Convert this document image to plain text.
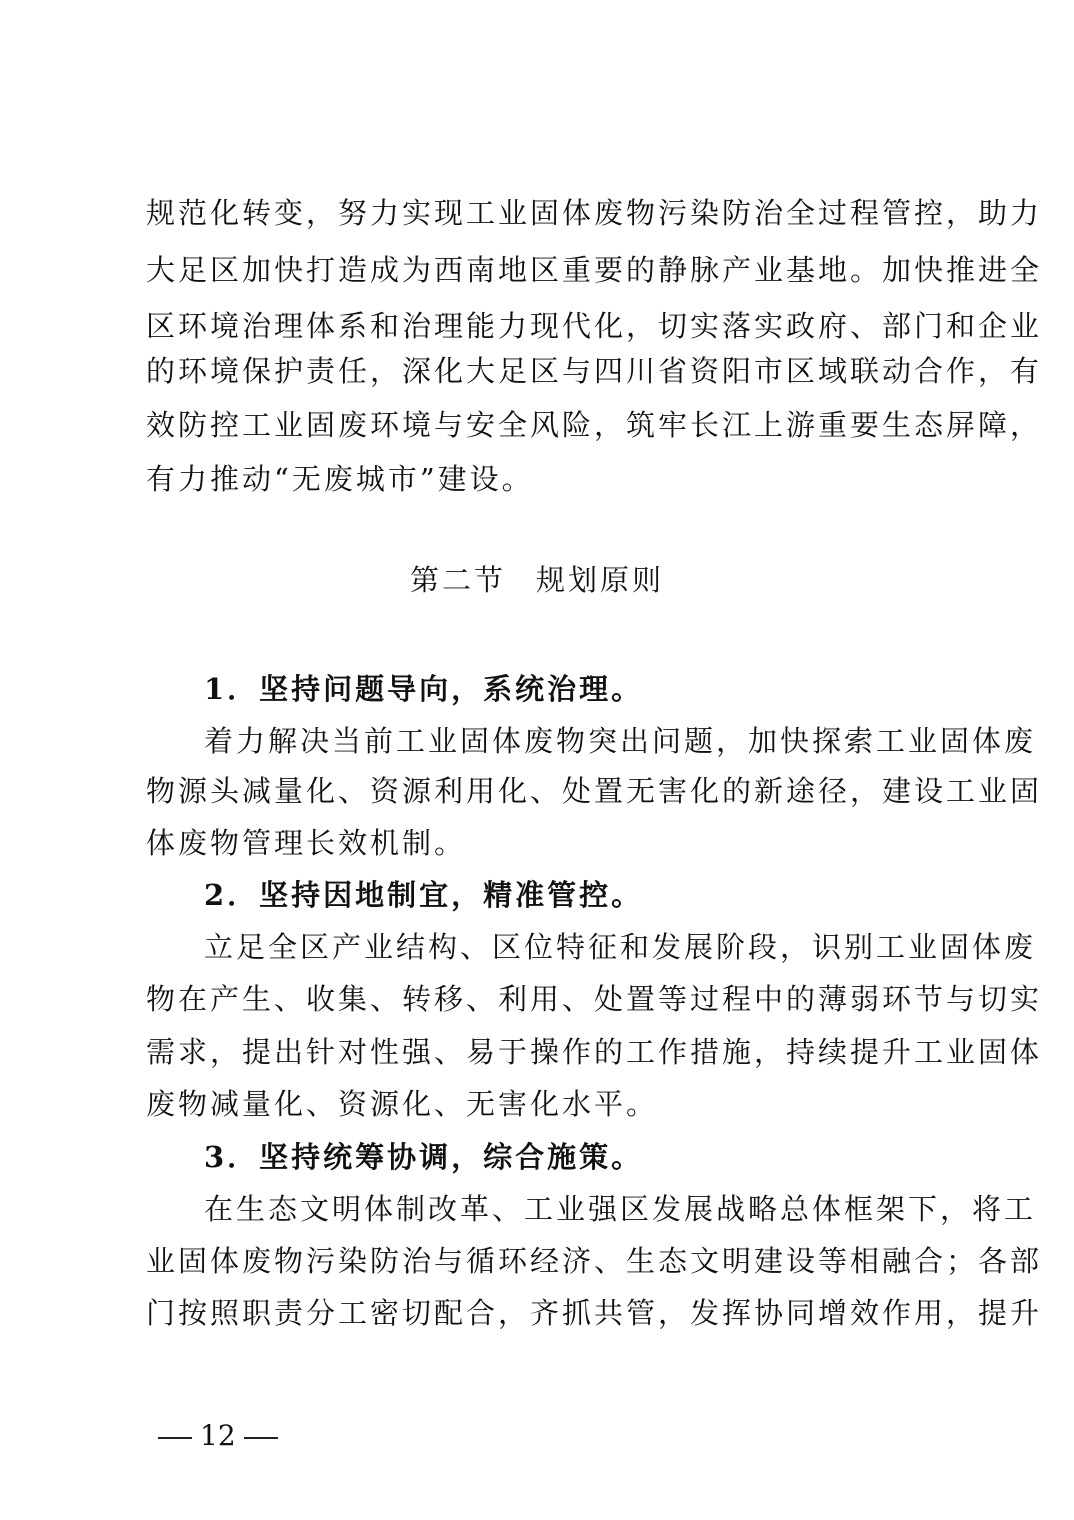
规范化转变，努力实现工业固体废物污染防治全过程管控，助力
大足区加快打造成为西南地区重要的静脉产业基地。加快推进全
区环境治理体系和治理能力现代化，切实落实政府、部门和企业
的环境保护责任，深化大足区与四川省资阳市区域联动合作，有
效防控工业固废环境与安全风险，筑牢长江上游重要生态屏障，
有力推动“无废城市”建设。
第二节 规划原则
1．坚持问题导向，系统治理。
着力解决当前工业固体废物突出问题，加快探索工业固体废
物源头减量化、资源利用化、处置无害化的新途径，建设工业固
体废物管理长效机制。
2．坚持因地制宜，精准管控。
立足全区产业结构、区位特征和发展阶段，识别工业固体废
物在产生、收集、转移、利用、处置等过程中的薄弱环节与切实
需求，提出针对性强、易于操作的工作措施，持续提升工业固体
废物减量化、资源化、无害化水平。
3．坚持统筹协调，综合施策。
在生态文明体制改革、工业强区发展战略总体框架下，将工
业固体废物污染防治与循环经济、生态文明建设等相融合；各部
门按照职责分工密切配合，齐抓共管，发挥协同增效作用，提升
12
